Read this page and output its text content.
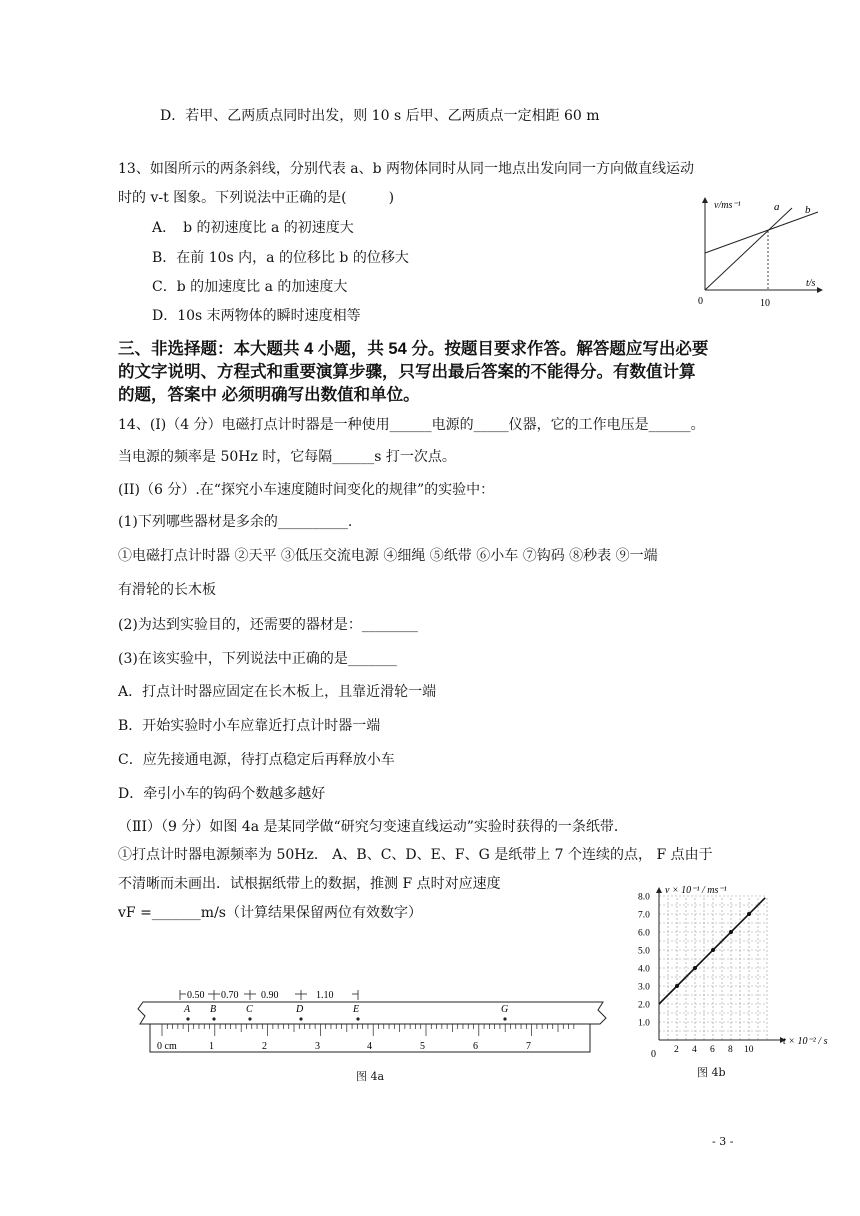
D．若甲、乙两质点同时出发，则 10 s 后甲、乙两质点一定相距 60 m
13、如图所示的两条斜线，分别代表 a、b 两物体同时从同一地点出发向同一方向做直线运动
时的 v-t 图象。下列说法中正确的是(　　　)
A．　b 的初速度比 a 的初速度大
B．在前 10s 内，a 的位移比 b 的位移大
C．b 的加速度比 a 的加速度大
D．10s 末两物体的瞬时速度相等
v/ms⁻¹	a b
t/s
0	10
三、非选择题：本大题共 4 小题，共 54 分。按题目要求作答。解答题应写出必要
的文字说明、方程式和重要演算步骤，只写出最后答案的不能得分。有数值计算
的题，答案中 必须明确写出数值和单位。
14、(Ⅰ)（4 分）电磁打点计时器是一种使用______电源的_____仪器，它的工作电压是______。
当电源的频率是 50Hz 时，它每隔______s 打一次点。
(ⅠI)（6 分）.在“探究小车速度随时间变化的规律”的实验中：
(1)下列哪些器材是多余的__________.
①电磁打点计时器 ②天平 ③低压交流电源 ④细绳 ⑤纸带 ⑥小车 ⑦钩码 ⑧秒表 ⑨一端
有滑轮的长木板
(2)为达到实验目的，还需要的器材是：________
(3)在该实验中，下列说法中正确的是_______
A．打点计时器应固定在长木板上，且靠近滑轮一端
B．开始实验时小车应靠近打点计时器一端
C．应先接通电源，待打点稳定后再释放小车
D．牵引小车的钩码个数越多越好
（ⅡI）（9 分）如图 4a 是某同学做“研究匀变速直线运动”实验时获得的一条纸带．
①打点计时器电源频率为 50Hz． A、B、C、D、E、F、G 是纸带上 7 个连续的点， F 点由于
不清晰而未画出．试根据纸带上的数据，推测 F 点时对应速度
vF =_______m/s（计算结果保留两位有效数字）
0.50 0.70 0.90	1.10
A B	C	D	E	G
0 cm	1	2	3	4	5	6	7
图 4a
1.0
2.0
3.0
4.0
5.0
6.0
7.0
8.0
2 4 6 8 10
v × 10⁻¹ / ms⁻¹
t × 10⁻² / s
0
图 4b
- 3 -
